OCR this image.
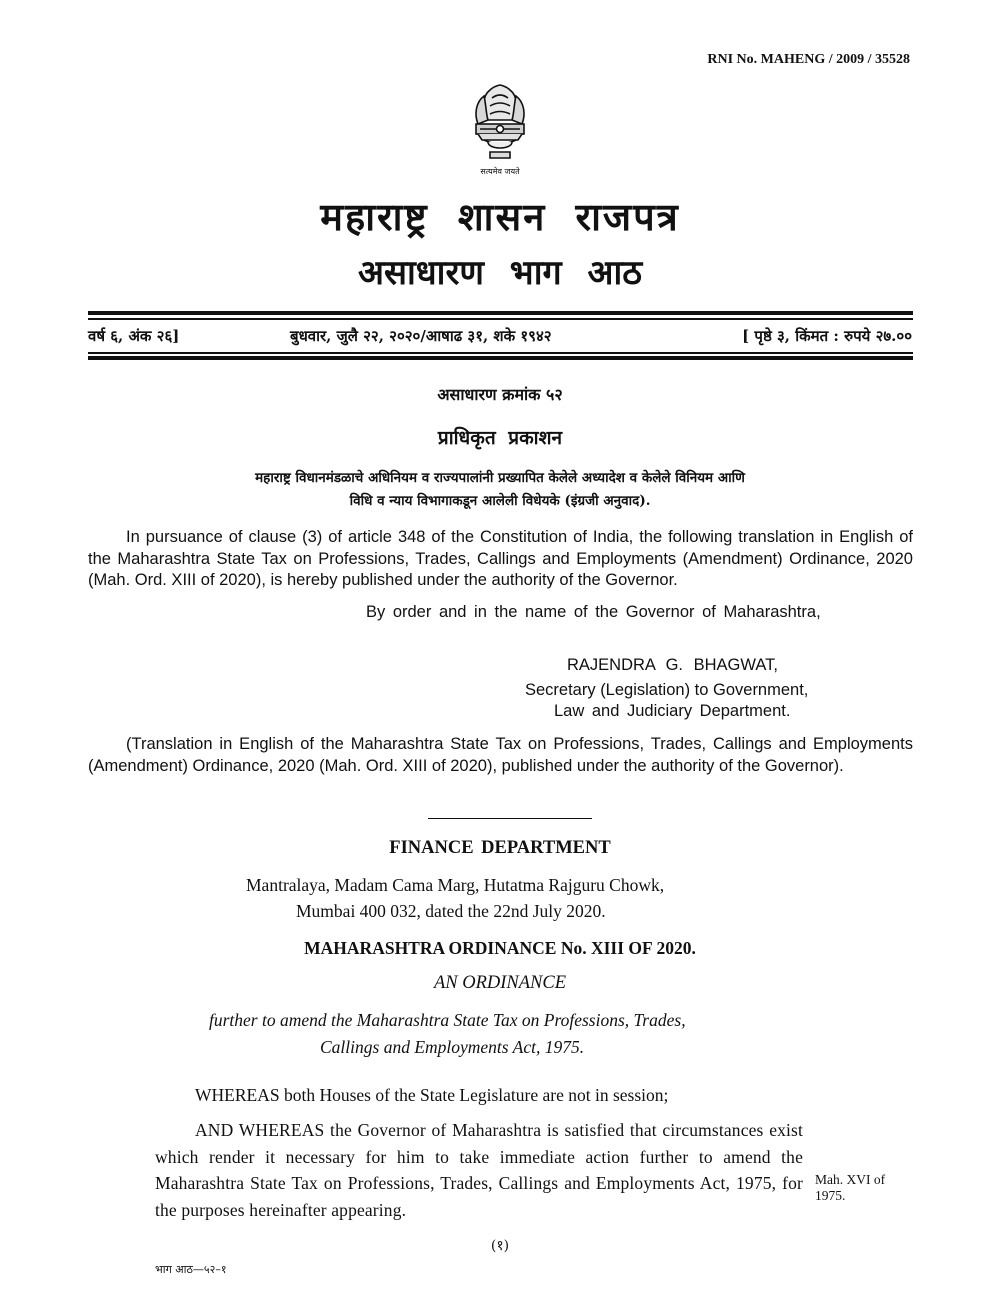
RNI No. MAHENG / 2009 / 35528
सत्यमेव जयते
महाराष्ट्र शासन राजपत्र
असाधारण भाग आठ
वर्ष ६, अंक २६]	बुधवार, जुलै २२, २०२०/आषाढ ३१, शके १९४२	[ पृष्ठे ३, किंमत : रुपये २७.००
असाधारण क्रमांक ५२
प्राधिकृत प्रकाशन
महाराष्ट्र विधानमंडळाचे अधिनियम व राज्यपालांनी प्रख्यापित केलेले अध्यादेश व केलेले विनियम आणि
विधि व न्याय विभागाकडून आलेली विधेयके (इंग्रजी अनुवाद).

In pursuance of clause (3) of article 348 of the Constitution of India, the following translation in English of the Maharashtra State Tax on Professions, Trades, Callings and Employments (Amendment) Ordinance, 2020 (Mah. Ord. XIII of 2020), is hereby published under the authority of the Governor.

By order and in the name of the Governor of Maharashtra,
RAJENDRA G. BHAGWAT,
Secretary (Legislation) to Government,
Law and Judiciary Department.

(Translation in English of the Maharashtra State Tax on Professions, Trades, Callings and Employments (Amendment) Ordinance, 2020 (Mah. Ord. XIII of 2020), published under the authority of the Governor).

FINANCE DEPARTMENT
Mantralaya, Madam Cama Marg, Hutatma Rajguru Chowk,
Mumbai 400 032, dated the 22nd July 2020.
MAHARASHTRA ORDINANCE No. XIII OF 2020.
AN ORDINANCE
further to amend the Maharashtra State Tax on Professions, Trades,
Callings and Employments Act, 1975.

WHEREAS both Houses of the State Legislature are not in session;

AND WHEREAS the Governor of Maharashtra is satisfied that circumstances exist which render it necessary for him to take immediate action further to amend the Maharashtra State Tax on Professions, Trades, Callings and Employments Act, 1975, for the purposes hereinafter appearing.

Mah. XVI of
1975.
(१)
भाग आठ—५२–१
